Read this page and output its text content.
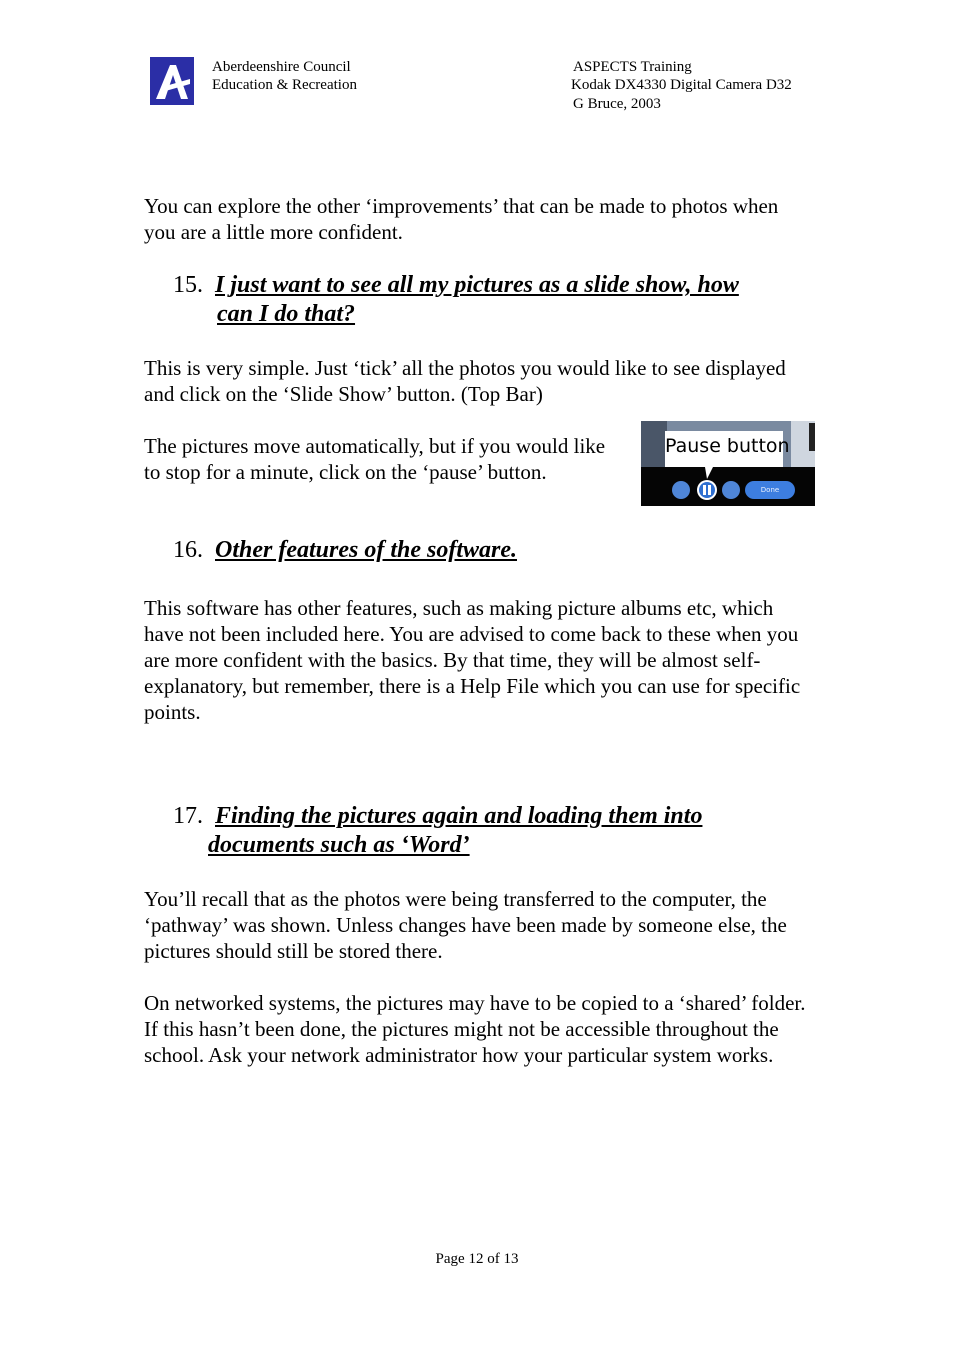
Aberdeenshire Council
Education & Recreation
ASPECTS Training
Kodak DX4330 Digital Camera D32
G Bruce, 2003

You can explore the other ‘improvements’ that can be made to photos when you are a little more confident.

15. I just want to see all my pictures as a slide show, how
can I do that?

This is very simple. Just ‘tick’ all the photos you would like to see displayed and click on the ‘Slide Show’ button. (Top Bar)

The pictures move automatically, but if you would like to stop for a minute, click on the ‘pause’ button.

Pause button
Done
16. Other features of the software.

This software has other features, such as making picture albums etc, which have not been included here. You are advised to come back to these when you are more confident with the basics. By that time, they will be almost self-explanatory, but remember, there is a Help File which you can use for specific points.

17. Finding the pictures again and loading them into
documents such as ‘Word’

You’ll recall that as the photos were being transferred to the computer, the ‘pathway’ was shown. Unless changes have been made by someone else, the pictures should still be stored there.

On networked systems, the pictures may have to be copied to a ‘shared’ folder. If this hasn’t been done, the pictures might not be accessible throughout the school. Ask your network administrator how your particular system works.

Page 12 of 13
